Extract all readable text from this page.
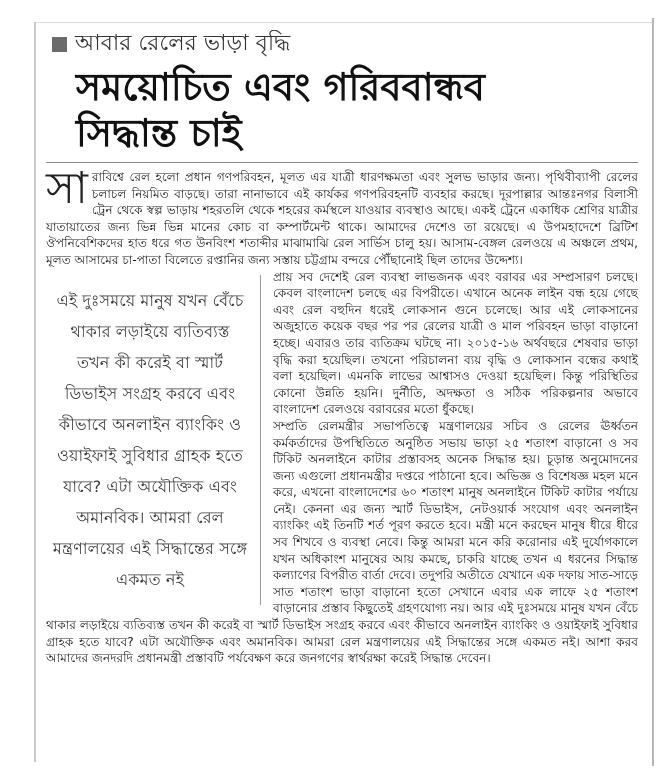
আবার রেলের ভাড়া বৃদ্ধি
সময়োচিত এবং গরিববান্ধব
সিদ্ধান্ত চাই
সা রাবিশ্বে রেল হলো প্রধান গণপরিবহন, মূলত এর যাত্রী ধারণক্ষমতা এবং সুলভ ভাড়ার জন্য। পৃথিবীব্যাপী রেলের চলাচল নিয়মিত বাড়ছে। তারা নানাভাবে এই কার্যকর গণপরিবহনটি ব্যবহার করছে। দূরপাল্লার আন্তঃনগর বিলাসী ট্রেন থেকে স্বল্প ভাড়ায় শহরতলি থেকে শহরের কর্মস্থলে যাওয়ার ব্যবস্থাও আছে। একই ট্রেনে একাধিক শ্রেণির যাত্রীর যাতায়াতের জন্য ভিন্ন ভিন্ন মানের কোচ বা কম্পার্টমেন্ট থাকে। আমাদের দেশেও তা রয়েছে। এ উপমহাদেশে ব্রিটিশ ঔপনিবেশিকদের হাত ধরে গত উনবিংশ শতাব্দীর মাঝামাঝি রেল সার্ভিস চালু হয়। আসাম-বেঙ্গল রেলওয়ে এ অঞ্চলে প্রথম, মূলত আসামের চা-পাতা বিলেতে রপ্তানির জন্য সস্তায় চট্টগ্রাম বন্দরে পৌঁছানোই ছিল তাদের উদ্দেশ্য।

এই দুঃসময়ে মানুষ যখন বেঁচে থাকার লড়াইয়ে ব্যতিব্যস্ত তখন কী করেই বা স্মার্ট ডিভাইস সংগ্রহ করবে এবং কীভাবে অনলাইন ব্যাংকিং ও ওয়াইফাই সুবিধার গ্রাহক হতে যাবে? এটা অযৌক্তিক এবং অমানবিক। আমরা রেল মন্ত্রণালয়ের এই সিদ্ধান্তের সঙ্গে একমত নই

প্রায় সব দেশেই রেল ব্যবস্থা লাভজনক এবং বরাবর এর সম্প্রসারণ চলছে। কেবল বাংলাদেশ চলছে এর বিপরীতে। এখানে অনেক লাইন বন্ধ হয়ে গেছে এবং রেল বহুদিন ধরেই লোকসান গুনে চলেছে। আর এই লোকসানের অজুহাতে কয়েক বছর পর পর রেলের যাত্রী ও মাল পরিবহন ভাড়া বাড়ানো হচ্ছে। এবারও তার ব্যতিক্রম ঘটছে না। ২০১৫-১৬ অর্থবছরে শেষবার ভাড়া বৃদ্ধি করা হয়েছিল। তখনো পরিচালনা ব্যয় বৃদ্ধি ও লোকসান বন্ধের কথাই বলা হয়েছিল। এমনকি লাভের আশ্বাসও দেওয়া হয়েছিল। কিন্তু পরিস্থিতির কোনো উন্নতি হয়নি। দুর্নীতি, অদক্ষতা ও সঠিক পরিকল্পনার অভাবে বাংলাদেশ রেলওয়ে বরাবরের মতো ধুঁকছে।

সম্প্রতি রেলমন্ত্রীর সভাপতিত্বে মন্ত্রণালয়ের সচিব ও রেলের ঊর্ধ্বতন কর্মকর্তাদের উপস্থিতিতে অনুষ্ঠিত সভায় ভাড়া ২৫ শতাংশ বাড়ানো ও সব টিকিট অনলাইনে কাটার প্রস্তাবসহ অনেক সিদ্ধান্ত হয়। চূড়ান্ত অনুমোদনের জন্য এগুলো প্রধানমন্ত্রীর দপ্তরে পাঠানো হবে। অভিজ্ঞ ও বিশেষজ্ঞ মহল মনে করে, এখনো বাংলাদেশের ৬০ শতাংশ মানুষ অনলাইনে টিকিট কাটার পর্যায়ে নেই। কেননা এর জন্য স্মার্ট ডিভাইস, নেটওয়ার্ক সংযোগ এবং অনলাইন ব্যাংকিং এই তিনটি শর্ত পূরণ করতে হবে। মন্ত্রী মনে করছেন মানুষ ধীরে ধীরে সব শিখবে ও ব্যবস্থা নেবে। কিন্তু আমরা মনে করি করোনার এই দুর্যোগকালে যখন অধিকাংশ মানুষের আয় কমছে, চাকরি যাচ্ছে তখন এ ধরনের সিদ্ধান্ত কল্যাণের বিপরীত বার্তা দেবে। তদুপরি অতীতে যেখানে এক দফায় সাত-সাড়ে সাত শতাংশ ভাড়া বাড়ানো হতো সেখানে এবার এক লাফে ২৫ শতাংশ বাড়ানোর প্রস্তাব কিছুতেই গ্রহণযোগ্য নয়। আর এই দুঃসময়ে মানুষ যখন বেঁচে থাকার লড়াইয়ে ব্যতিব্যস্ত তখন কী করেই বা স্মার্ট ডিভাইস সংগ্রহ করবে এবং কীভাবে অনলাইন ব্যাংকিং ও ওয়াইফাই সুবিধার গ্রাহক হতে যাবে? এটা অযৌক্তিক এবং অমানবিক। আমরা রেল মন্ত্রণালয়ের এই সিদ্ধান্তের সঙ্গে একমত নই। আশা করব আমাদের জনদরদি প্রধানমন্ত্রী প্রস্তাবটি পর্যবেক্ষণ করে জনগণের স্বার্থরক্ষা করেই সিদ্ধান্ত দেবেন।
